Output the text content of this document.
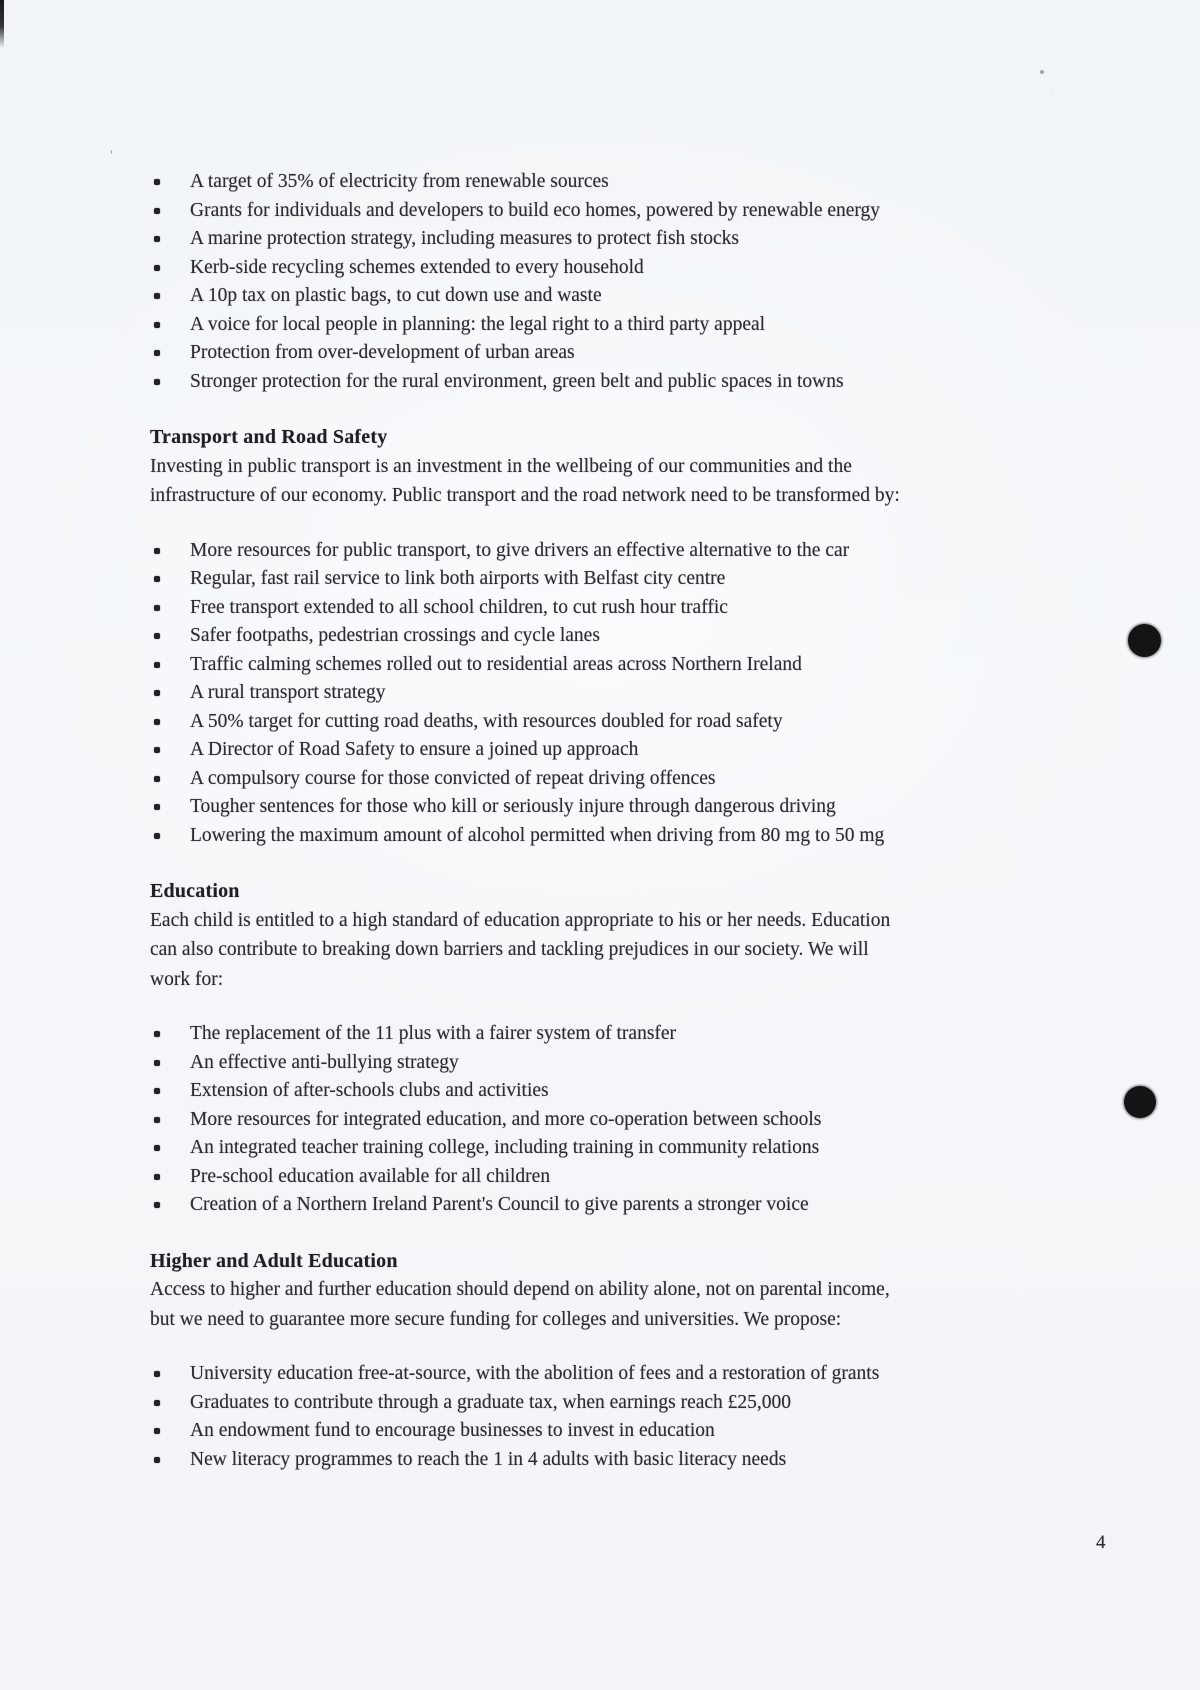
'
A target of 35% of electricity from renewable sources
Grants for individuals and developers to build eco homes, powered by renewable energy
A marine protection strategy, including measures to protect fish stocks
Kerb-side recycling schemes extended to every household
A 10p tax on plastic bags, to cut down use and waste
A voice for local people in planning: the legal right to a third party appeal
Protection from over-development of urban areas
Stronger protection for the rural environment, green belt and public spaces in towns
Transport and Road Safety

Investing in public transport is an investment in the wellbeing of our communities and the
infrastructure of our economy. Public transport and the road network need to be transformed by:

More resources for public transport, to give drivers an effective alternative to the car
Regular, fast rail service to link both airports with Belfast city centre
Free transport extended to all school children, to cut rush hour traffic
Safer footpaths, pedestrian crossings and cycle lanes
Traffic calming schemes rolled out to residential areas across Northern Ireland
A rural transport strategy
A 50% target for cutting road deaths, with resources doubled for road safety
A Director of Road Safety to ensure a joined up approach
A compulsory course for those convicted of repeat driving offences
Tougher sentences for those who kill or seriously injure through dangerous driving
Lowering the maximum amount of alcohol permitted when driving from 80 mg to 50 mg
Education

Each child is entitled to a high standard of education appropriate to his or her needs. Education
can also contribute to breaking down barriers and tackling prejudices in our society. We will
work for:

The replacement of the 11 plus with a fairer system of transfer
An effective anti-bullying strategy
Extension of after-schools clubs and activities
More resources for integrated education, and more co-operation between schools
An integrated teacher training college, including training in community relations
Pre-school education available for all children
Creation of a Northern Ireland Parent's Council to give parents a stronger voice
Higher and Adult Education

Access to higher and further education should depend on ability alone, not on parental income,
but we need to guarantee more secure funding for colleges and universities. We propose:

University education free-at-source, with the abolition of fees and a restoration of grants
Graduates to contribute through a graduate tax, when earnings reach £25,000
An endowment fund to encourage businesses to invest in education
New literacy programmes to reach the 1 in 4 adults with basic literacy needs
4
